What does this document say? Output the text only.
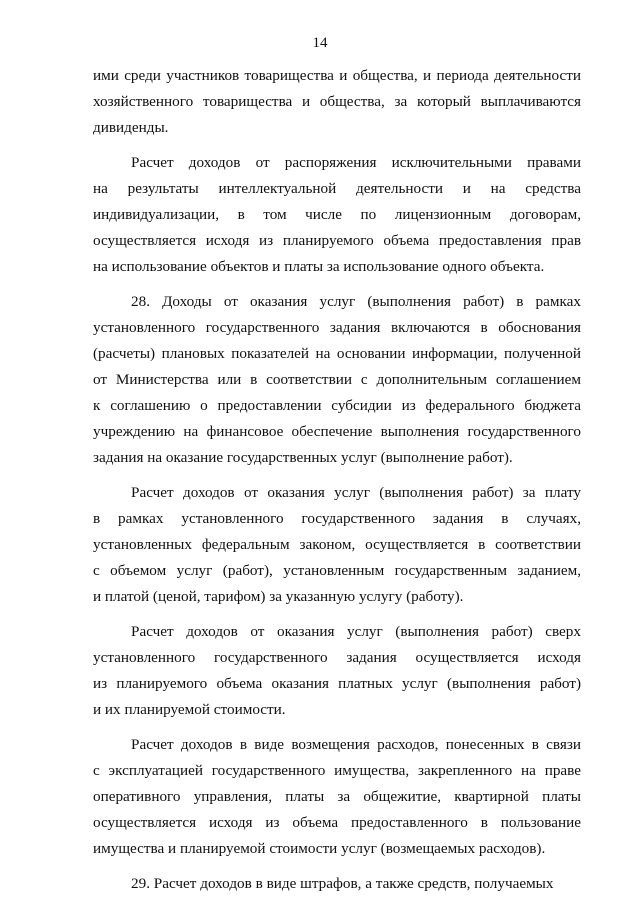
14

ими среди участников товарищества и общества, и периода деятельности
хозяйственного товарищества и общества, за который выплачиваются
дивиденды.

Расчет доходов от распоряжения исключительными правами
на результаты интеллектуальной деятельности и на средства
индивидуализации, в том числе по лицензионным договорам,
осуществляется исходя из планируемого объема предоставления прав
на использование объектов и платы за использование одного объекта.

28. Доходы от оказания услуг (выполнения работ) в рамках
установленного государственного задания включаются в обоснования
(расчеты) плановых показателей на основании информации, полученной
от Министерства или в соответствии с дополнительным соглашением
к соглашению о предоставлении субсидии из федерального бюджета
учреждению на финансовое обеспечение выполнения государственного
задания на оказание государственных услуг (выполнение работ).

Расчет доходов от оказания услуг (выполнения работ) за плату
в рамках установленного государственного задания в случаях,
установленных федеральным законом, осуществляется в соответствии
с объемом услуг (работ), установленным государственным заданием,
и платой (ценой, тарифом) за указанную услугу (работу).

Расчет доходов от оказания услуг (выполнения работ) сверх
установленного государственного задания осуществляется исходя
из планируемого объема оказания платных услуг (выполнения работ)
и их планируемой стоимости.

Расчет доходов в виде возмещения расходов, понесенных в связи
с эксплуатацией государственного имущества, закрепленного на праве
оперативного управления, платы за общежитие, квартирной платы
осуществляется исходя из объема предоставленного в пользование
имущества и планируемой стоимости услуг (возмещаемых расходов).

29. Расчет доходов в виде штрафов, а также средств, получаемых
